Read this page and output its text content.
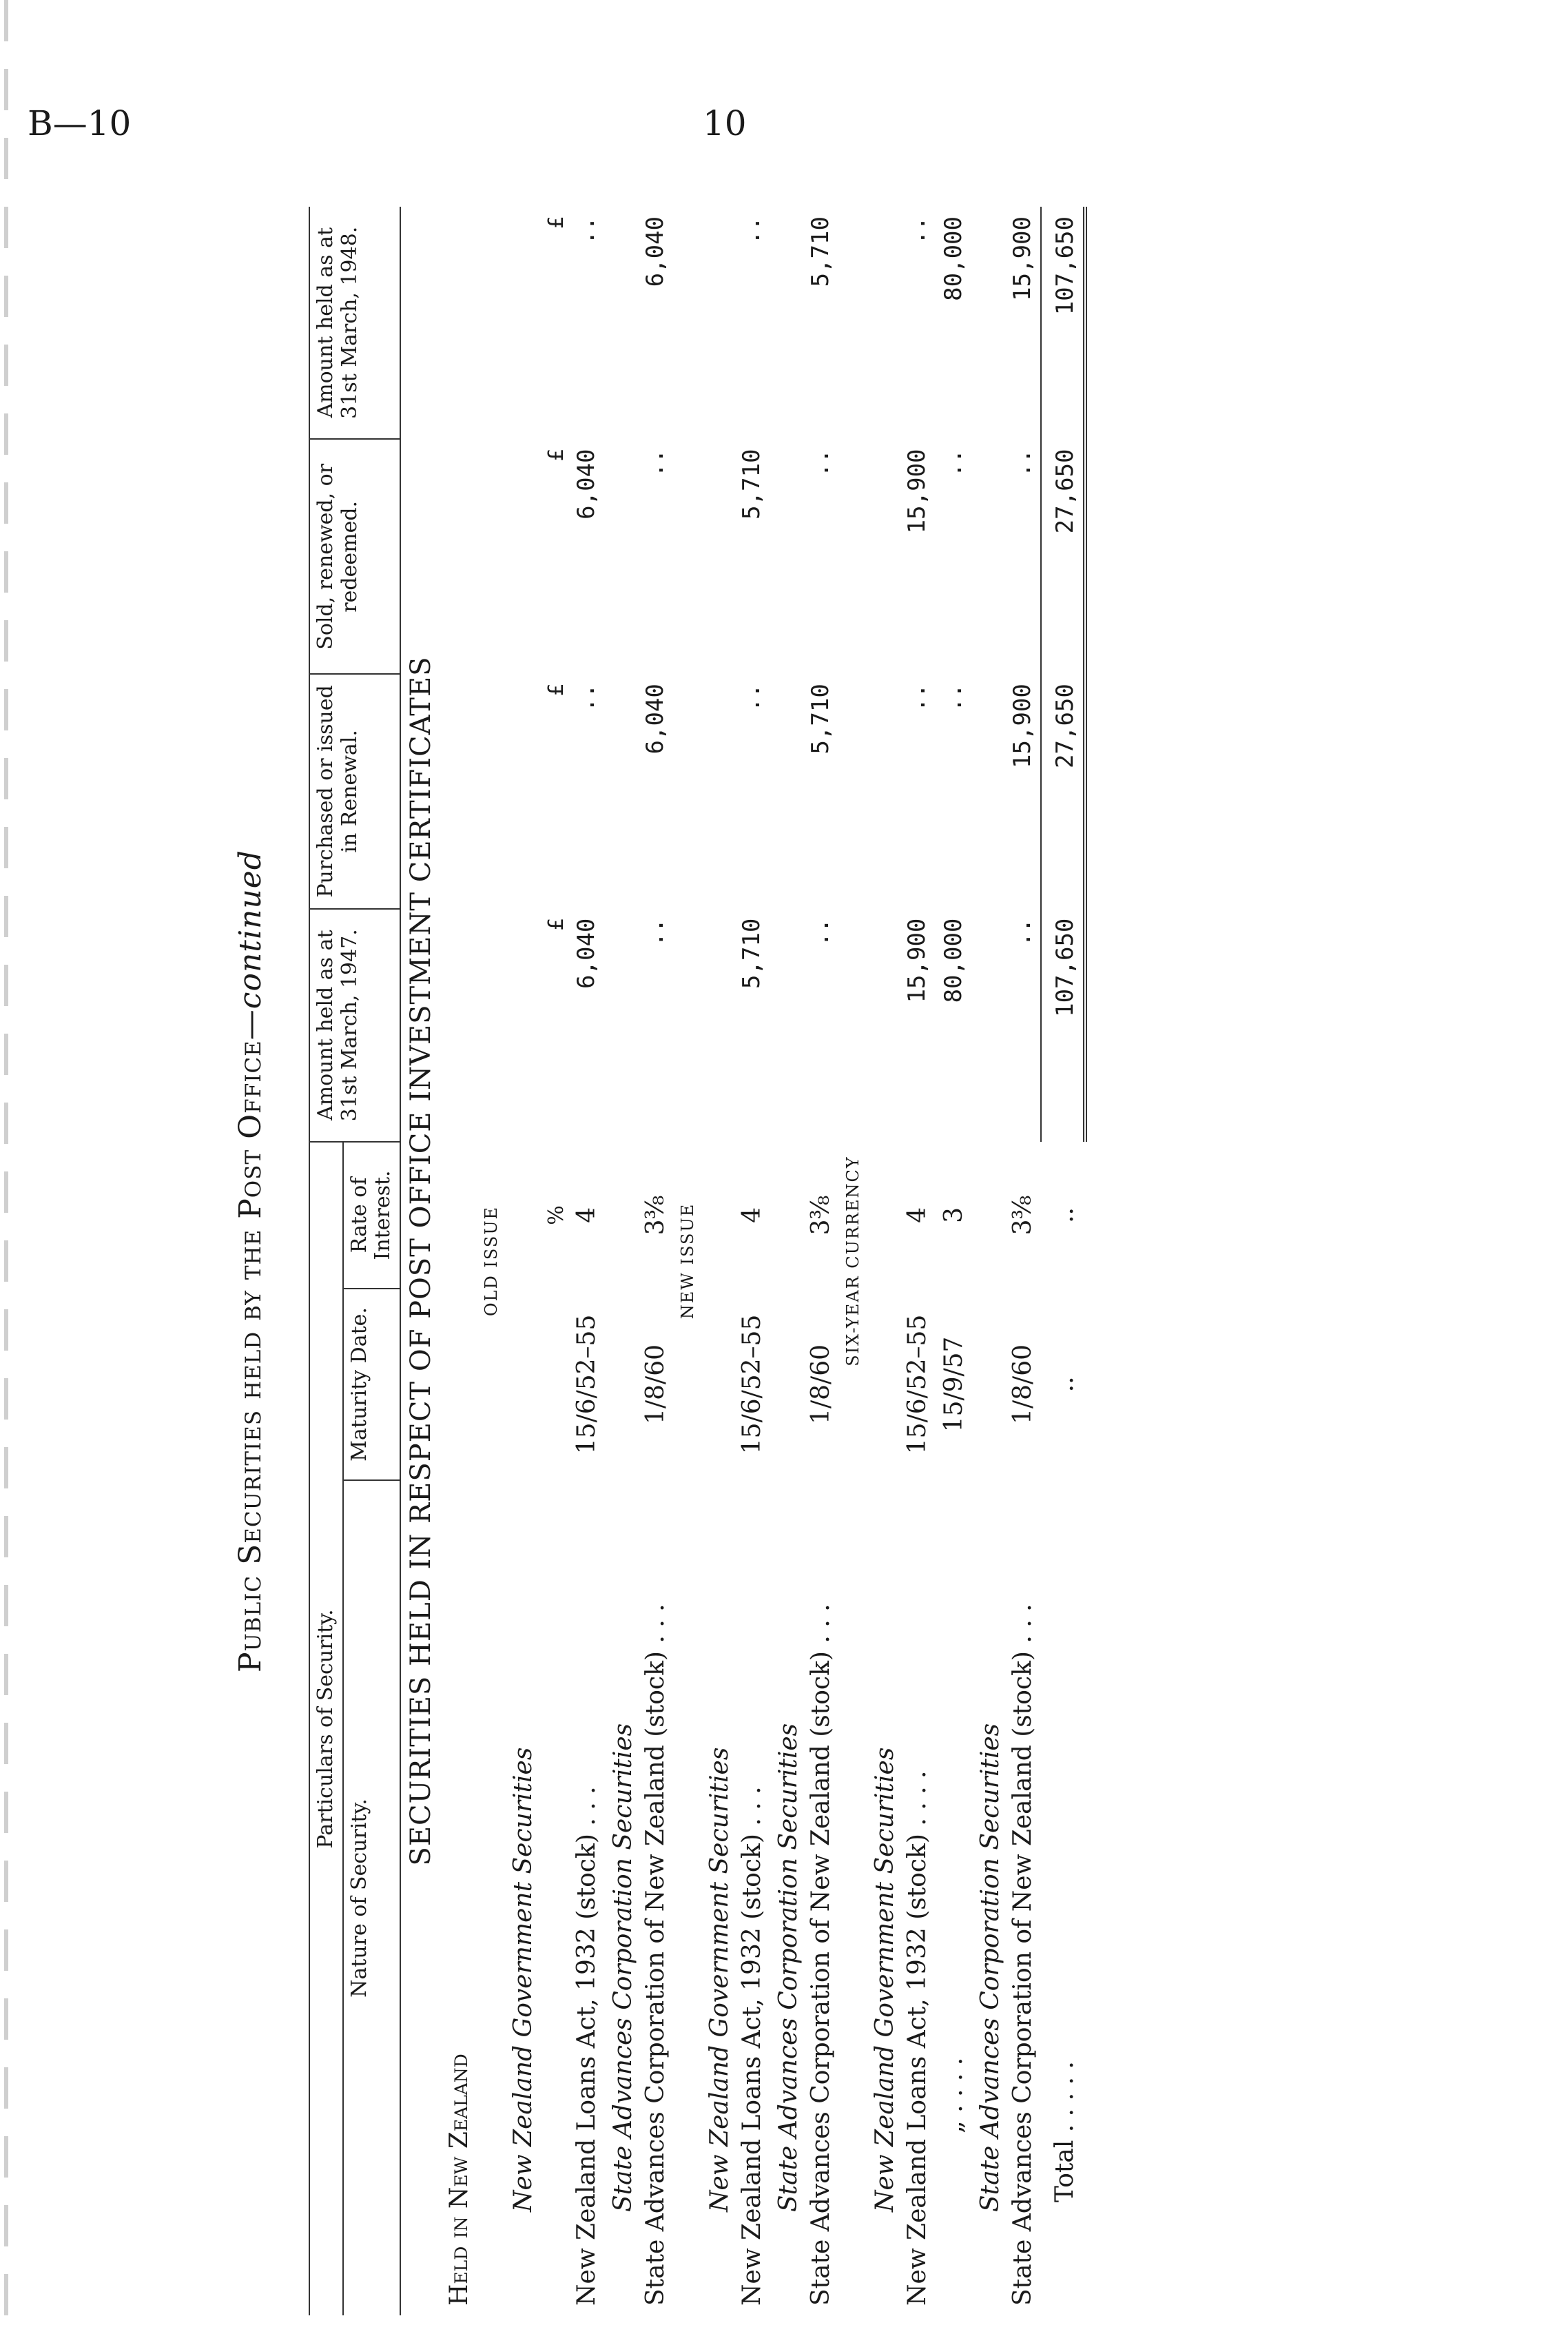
B—10	10
Public Securities held by the Post Office—continued
Particulars of Security.			Amount held as at 31st March, 1947.	Purchased or issued in Renewal.	Sold, renewed, or redeemed.	Amount held as at 31st March, 1948.
Nature of Security.	Maturity Date.	Rate of Interest.				
SECURITIES HELD IN RESPECT OF POST OFFICE INVESTMENT CERTIFICATES						
Held in New Zealand						
OLD ISSUE						
New Zealand Government Securities						
		%	£	£	£	£
New Zealand Loans Act, 1932 (stock) . . .	15/6/52–55	4	6,040	..	6,040	..
State Advances Corporation Securities						
State Advances Corporation of New Zealand (stock) . . .	1/8/60	3⅜	..	6,040	..	6,040
NEW ISSUE						
New Zealand Government Securities						
New Zealand Loans Act, 1932 (stock) . . .	15/6/52–55	4	5,710	..	5,710	..
State Advances Corporation Securities						
State Advances Corporation of New Zealand (stock) . . .	1/8/60	3⅜	..	5,710	..	5,710
SIX-YEAR CURRENCY						
New Zealand Government Securities						
New Zealand Loans Act, 1932 (stock) . . . .	15/6/52–55	4	15,900	..	15,900	..
„ . . . .	15/9/57	3	80,000	..	..	80,000
State Advances Corporation Securities						
State Advances Corporation of New Zealand (stock) . . .	1/8/60	3⅜	..	15,900	..	15,900
Total . . . . .	..	..	107,650	27,650	27,650	107,650
